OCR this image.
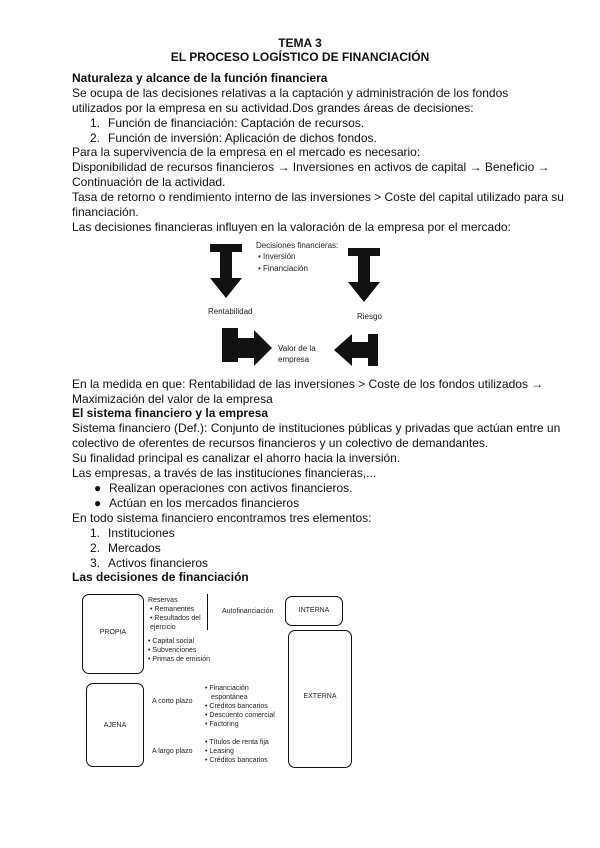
TEMA 3
EL PROCESO LOGÍSTICO DE FINANCIACIÓN
Naturaleza y alcance de la función financiera
Se ocupa de las decisiones relativas a la captación y administración de los fondos
utilizados por la empresa en su actividad.Dos grandes áreas de decisiones:
1. Función de financiación: Captación de recursos.
2. Función de inversión: Aplicación de dichos fondos.
Para la supervivencia de la empresa en el mercado es necesario:
Disponibilidad de recursos financieros → Inversiones en activos de capital → Beneficio →
Continuación de la actividad.
Tasa de retorno o rendimiento interno de las inversiones > Coste del capital utilizado para su
financiación.
Las decisiones financieras influyen en la valoración de la empresa por el mercado:
Decisiones financieras:
• Inversión
• Financiación
Rentabilidad
Riesgo
Valor de la
empresa
En la medida en que: Rentabilidad de las inversiones > Coste de los fondos utilizados →
Maximización del valor de la empresa
El sistema financiero y la empresa
Sistema financiero (Def.): Conjunto de instituciones públicas y privadas que actúan entre un
colectivo de oferentes de recursos financieros y un colectivo de demandantes.
Su finalidad principal es canalizar el ahorro hacia la inversión.
Las empresas, a través de las instituciones financieras,...
● Realizan operaciones con activos financieros.
● Actúan en los mercados financieros
En todo sistema financiero encontramos tres elementos:
1. Instituciones
2. Mercados
3. Activos financieros
Las decisiones de financiación
PROPIA
AJENA
INTERNA
EXTERNA
Reservas
• Remanentes
• Resultados del
ejercicio
Autofinanciación
• Capital social
• Subvenciones
• Primas de emisión
A corto plazo
• Financiación
espontánea
• Créditos bancarios
• Descuento comercial
• Factoring
A largo plazo
• Títulos de renta fija
• Leasing
• Créditos bancarios
